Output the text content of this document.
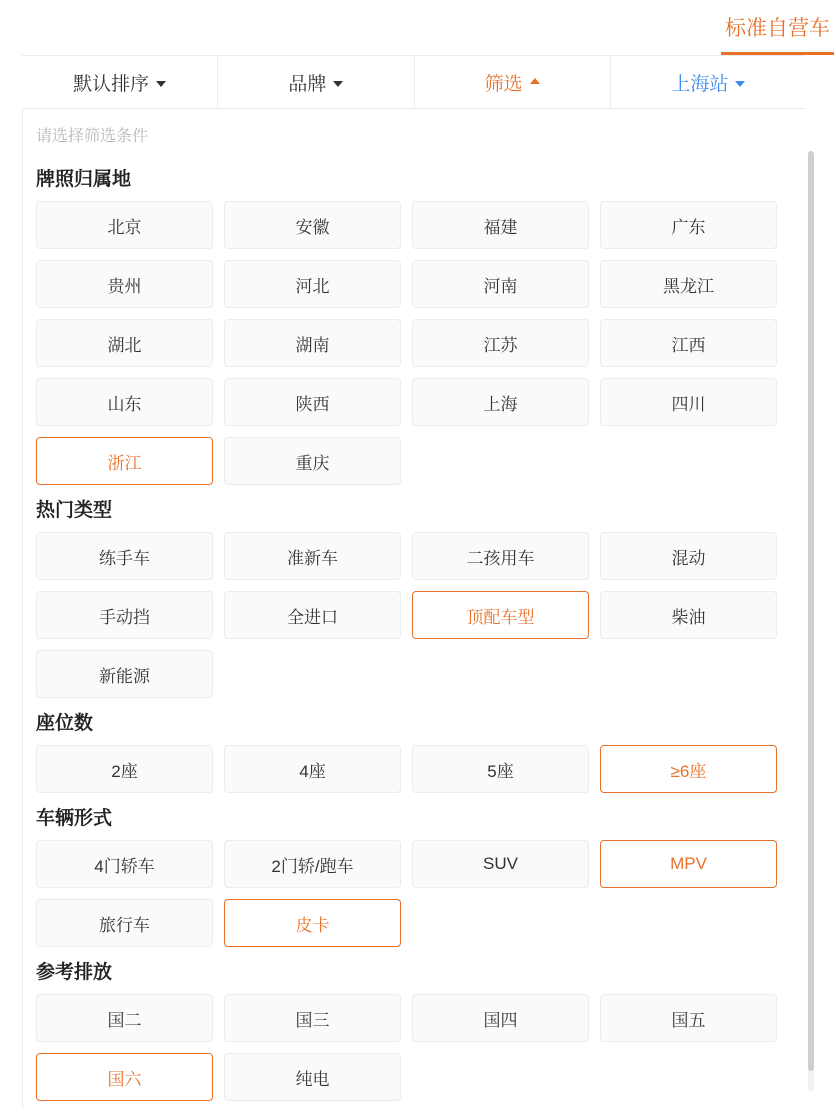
标准自营车
默认排序	品牌	筛选	上海站
请选择筛选条件
牌照归属地
北京	安徽	福建	广东
贵州	河北	河南	黑龙江
湖北	湖南	江苏	江西
山东	陕西	上海	四川
浙江	重庆
热门类型
练手车	准新车	二孩用车	混动
手动挡	全进口	顶配车型	柴油
新能源
座位数
2座	4座	5座	≥6座
车辆形式
4门轿车	2门轿/跑车	SUV	MPV
旅行车	皮卡
参考排放
国二	国三	国四	国五
国六	纯电
